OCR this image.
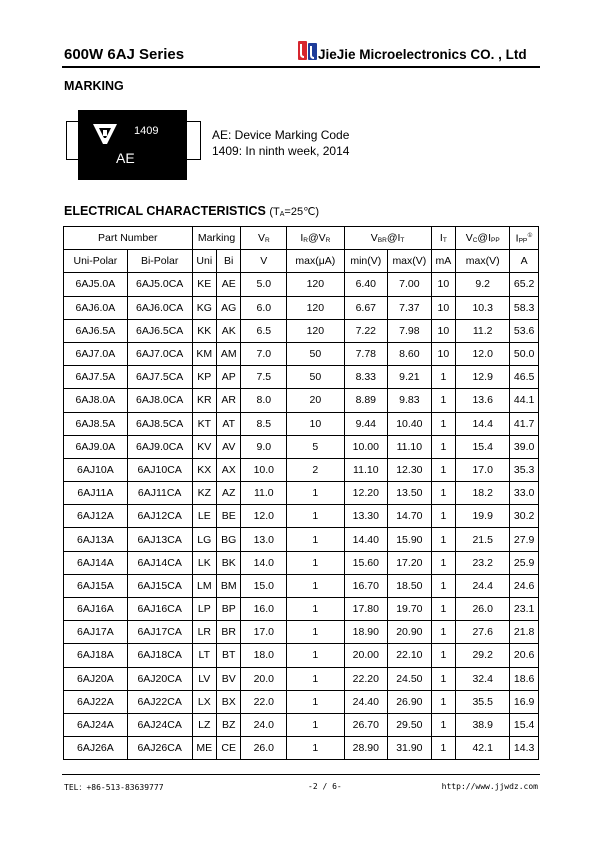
600W 6AJ Series	JieJie Microelectronics CO. , Ltd
MARKING
1409
AE
AE: Device Marking Code
1409: In ninth week, 2014
ELECTRICAL CHARACTERISTICS $(T_A=25℃)$
Part Number		Marking		$V_R$	$I_R@V_R$	$V_{BR}@I_T$		$I_T$	$V_C@I_{PP}$	$I_{PP}^①$
Uni-Polar	Bi-Polar	Uni	Bi	V	max(μA)	min(V)	max(V)	mA	max(V)	A
6AJ5.0A	6AJ5.0CA	KE	AE	5.0	120	6.40	7.00	10	9.2	65.2
6AJ6.0A	6AJ6.0CA	KG	AG	6.0	120	6.67	7.37	10	10.3	58.3
6AJ6.5A	6AJ6.5CA	KK	AK	6.5	120	7.22	7.98	10	11.2	53.6
6AJ7.0A	6AJ7.0CA	KM	AM	7.0	50	7.78	8.60	10	12.0	50.0
6AJ7.5A	6AJ7.5CA	KP	AP	7.5	50	8.33	9.21	1	12.9	46.5
6AJ8.0A	6AJ8.0CA	KR	AR	8.0	20	8.89	9.83	1	13.6	44.1
6AJ8.5A	6AJ8.5CA	KT	AT	8.5	10	9.44	10.40	1	14.4	41.7
6AJ9.0A	6AJ9.0CA	KV	AV	9.0	5	10.00	11.10	1	15.4	39.0
6AJ10A	6AJ10CA	KX	AX	10.0	2	11.10	12.30	1	17.0	35.3
6AJ11A	6AJ11CA	KZ	AZ	11.0	1	12.20	13.50	1	18.2	33.0
6AJ12A	6AJ12CA	LE	BE	12.0	1	13.30	14.70	1	19.9	30.2
6AJ13A	6AJ13CA	LG	BG	13.0	1	14.40	15.90	1	21.5	27.9
6AJ14A	6AJ14CA	LK	BK	14.0	1	15.60	17.20	1	23.2	25.9
6AJ15A	6AJ15CA	LM	BM	15.0	1	16.70	18.50	1	24.4	24.6
6AJ16A	6AJ16CA	LP	BP	16.0	1	17.80	19.70	1	26.0	23.1
6AJ17A	6AJ17CA	LR	BR	17.0	1	18.90	20.90	1	27.6	21.8
6AJ18A	6AJ18CA	LT	BT	18.0	1	20.00	22.10	1	29.2	20.6
6AJ20A	6AJ20CA	LV	BV	20.0	1	22.20	24.50	1	32.4	18.6
6AJ22A	6AJ22CA	LX	BX	22.0	1	24.40	26.90	1	35.5	16.9
6AJ24A	6AJ24CA	LZ	BZ	24.0	1	26.70	29.50	1	38.9	15.4
6AJ26A	6AJ26CA	ME	CE	26.0	1	28.90	31.90	1	42.1	14.3
TEL：+86-513-83639777	-2 / 6-	http://www.jjwdz.com
